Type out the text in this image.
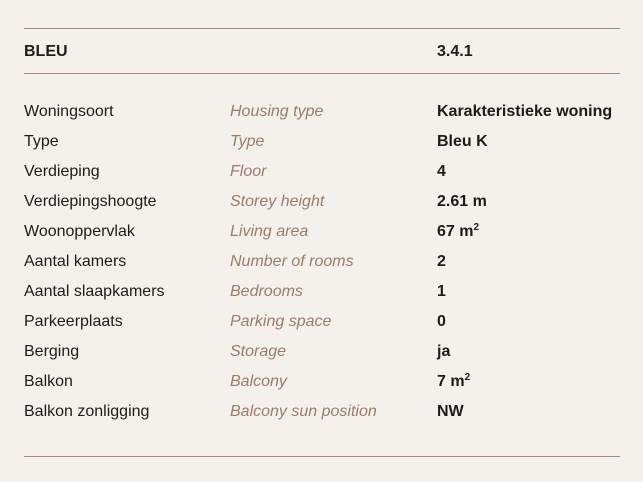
BLEU	3.4.1
Woningsoort	Housing type	Karakteristieke woning
Type	Type	Bleu K
Verdieping	Floor	4
Verdiepingshoogte	Storey height	2.61 m
Woonoppervlak	Living area	67 $m^2$
Aantal kamers	Number of rooms	2
Aantal slaapkamers	Bedrooms	1
Parkeerplaats	Parking space	0
Berging	Storage	ja
Balkon	Balcony	7 $m^2$
Balkon zonligging	Balcony sun position	NW
